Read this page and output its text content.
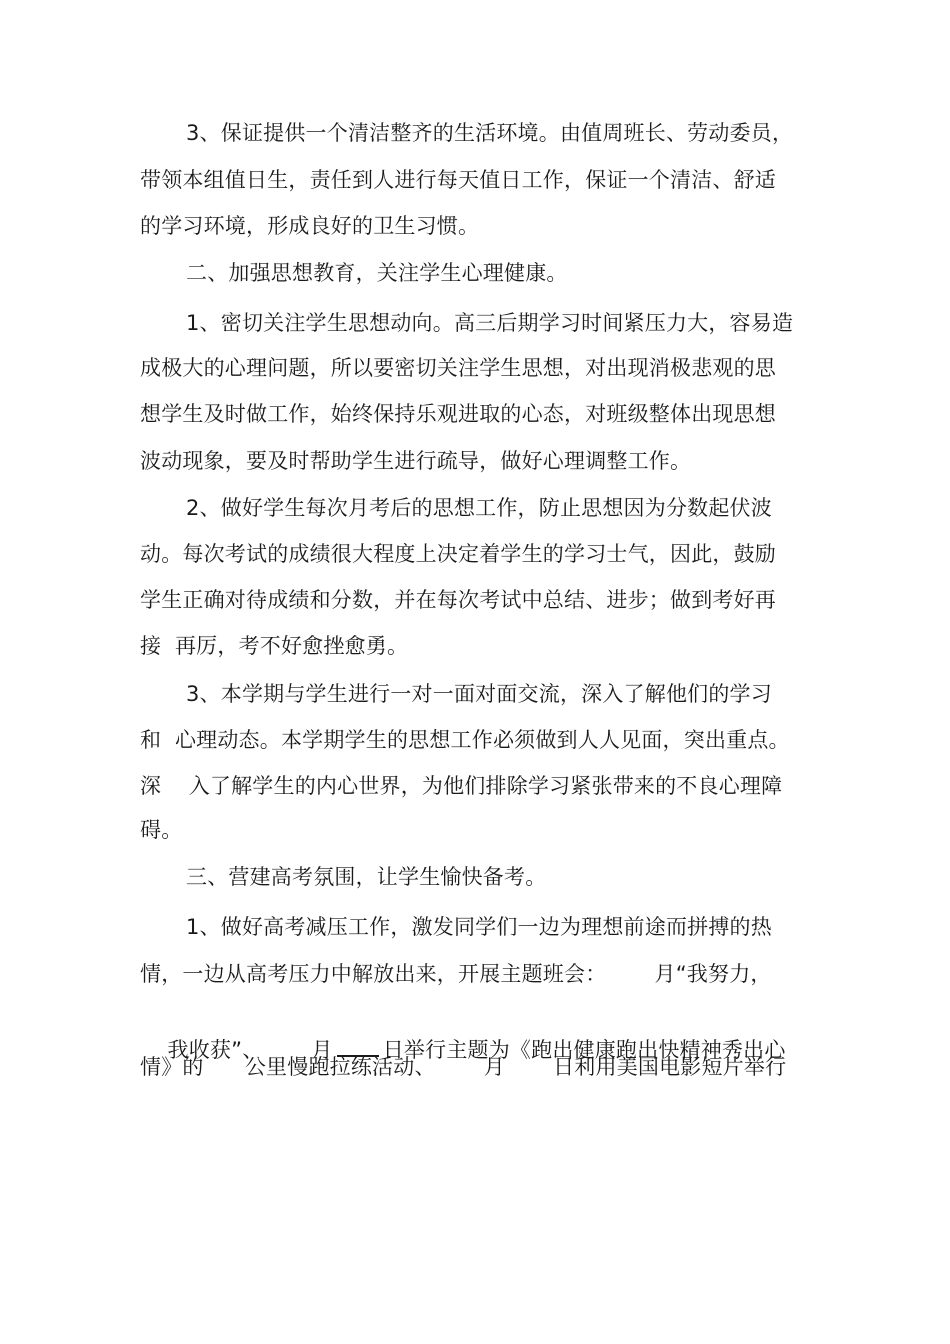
3、保证提供一个清洁整齐的生活环境。由值周班长、劳动委员，
带领本组值日生，责任到人进行每天值日工作，保证一个清洁、舒适
的学习环境，形成良好的卫生习惯。
二、加强思想教育，关注学生心理健康。
1、密切关注学生思想动向。高三后期学习时间紧压力大，容易造
成极大的心理问题，所以要密切关注学生思想，对出现消极悲观的思
想学生及时做工作，始终保持乐观进取的心态，对班级整体出现思想
波动现象，要及时帮助学生进行疏导，做好心理调整工作。
2、做好学生每次月考后的思想工作，防止思想因为分数起伏波
动。每次考试的成绩很大程度上决定着学生的学习士气，因此，鼓励
学生正确对待成绩和分数，并在每次考试中总结、进步；做到考好再
接  再厉，考不好愈挫愈勇。
3、本学期与学生进行一对一面对面交流，深入了解他们的学习
和  心理动态。本学期学生的思想工作必须做到人人见面，突出重点。
深    入了解学生的内心世界，为他们排除学习紧张带来的不良心理障
碍。
三、营建高考氛围，让学生愉快备考。
1、做好高考减压工作，激发同学们一边为理想前途而拼搏的热
情，一边从高考压力中解放出来，开展主题班会：       月“我努力，

我收获”、       月 日举行主题为《跑出健康跑出快精神秀出心

情》的      公里慢跑拉练活动、       月       日利用美国电影短片举行
